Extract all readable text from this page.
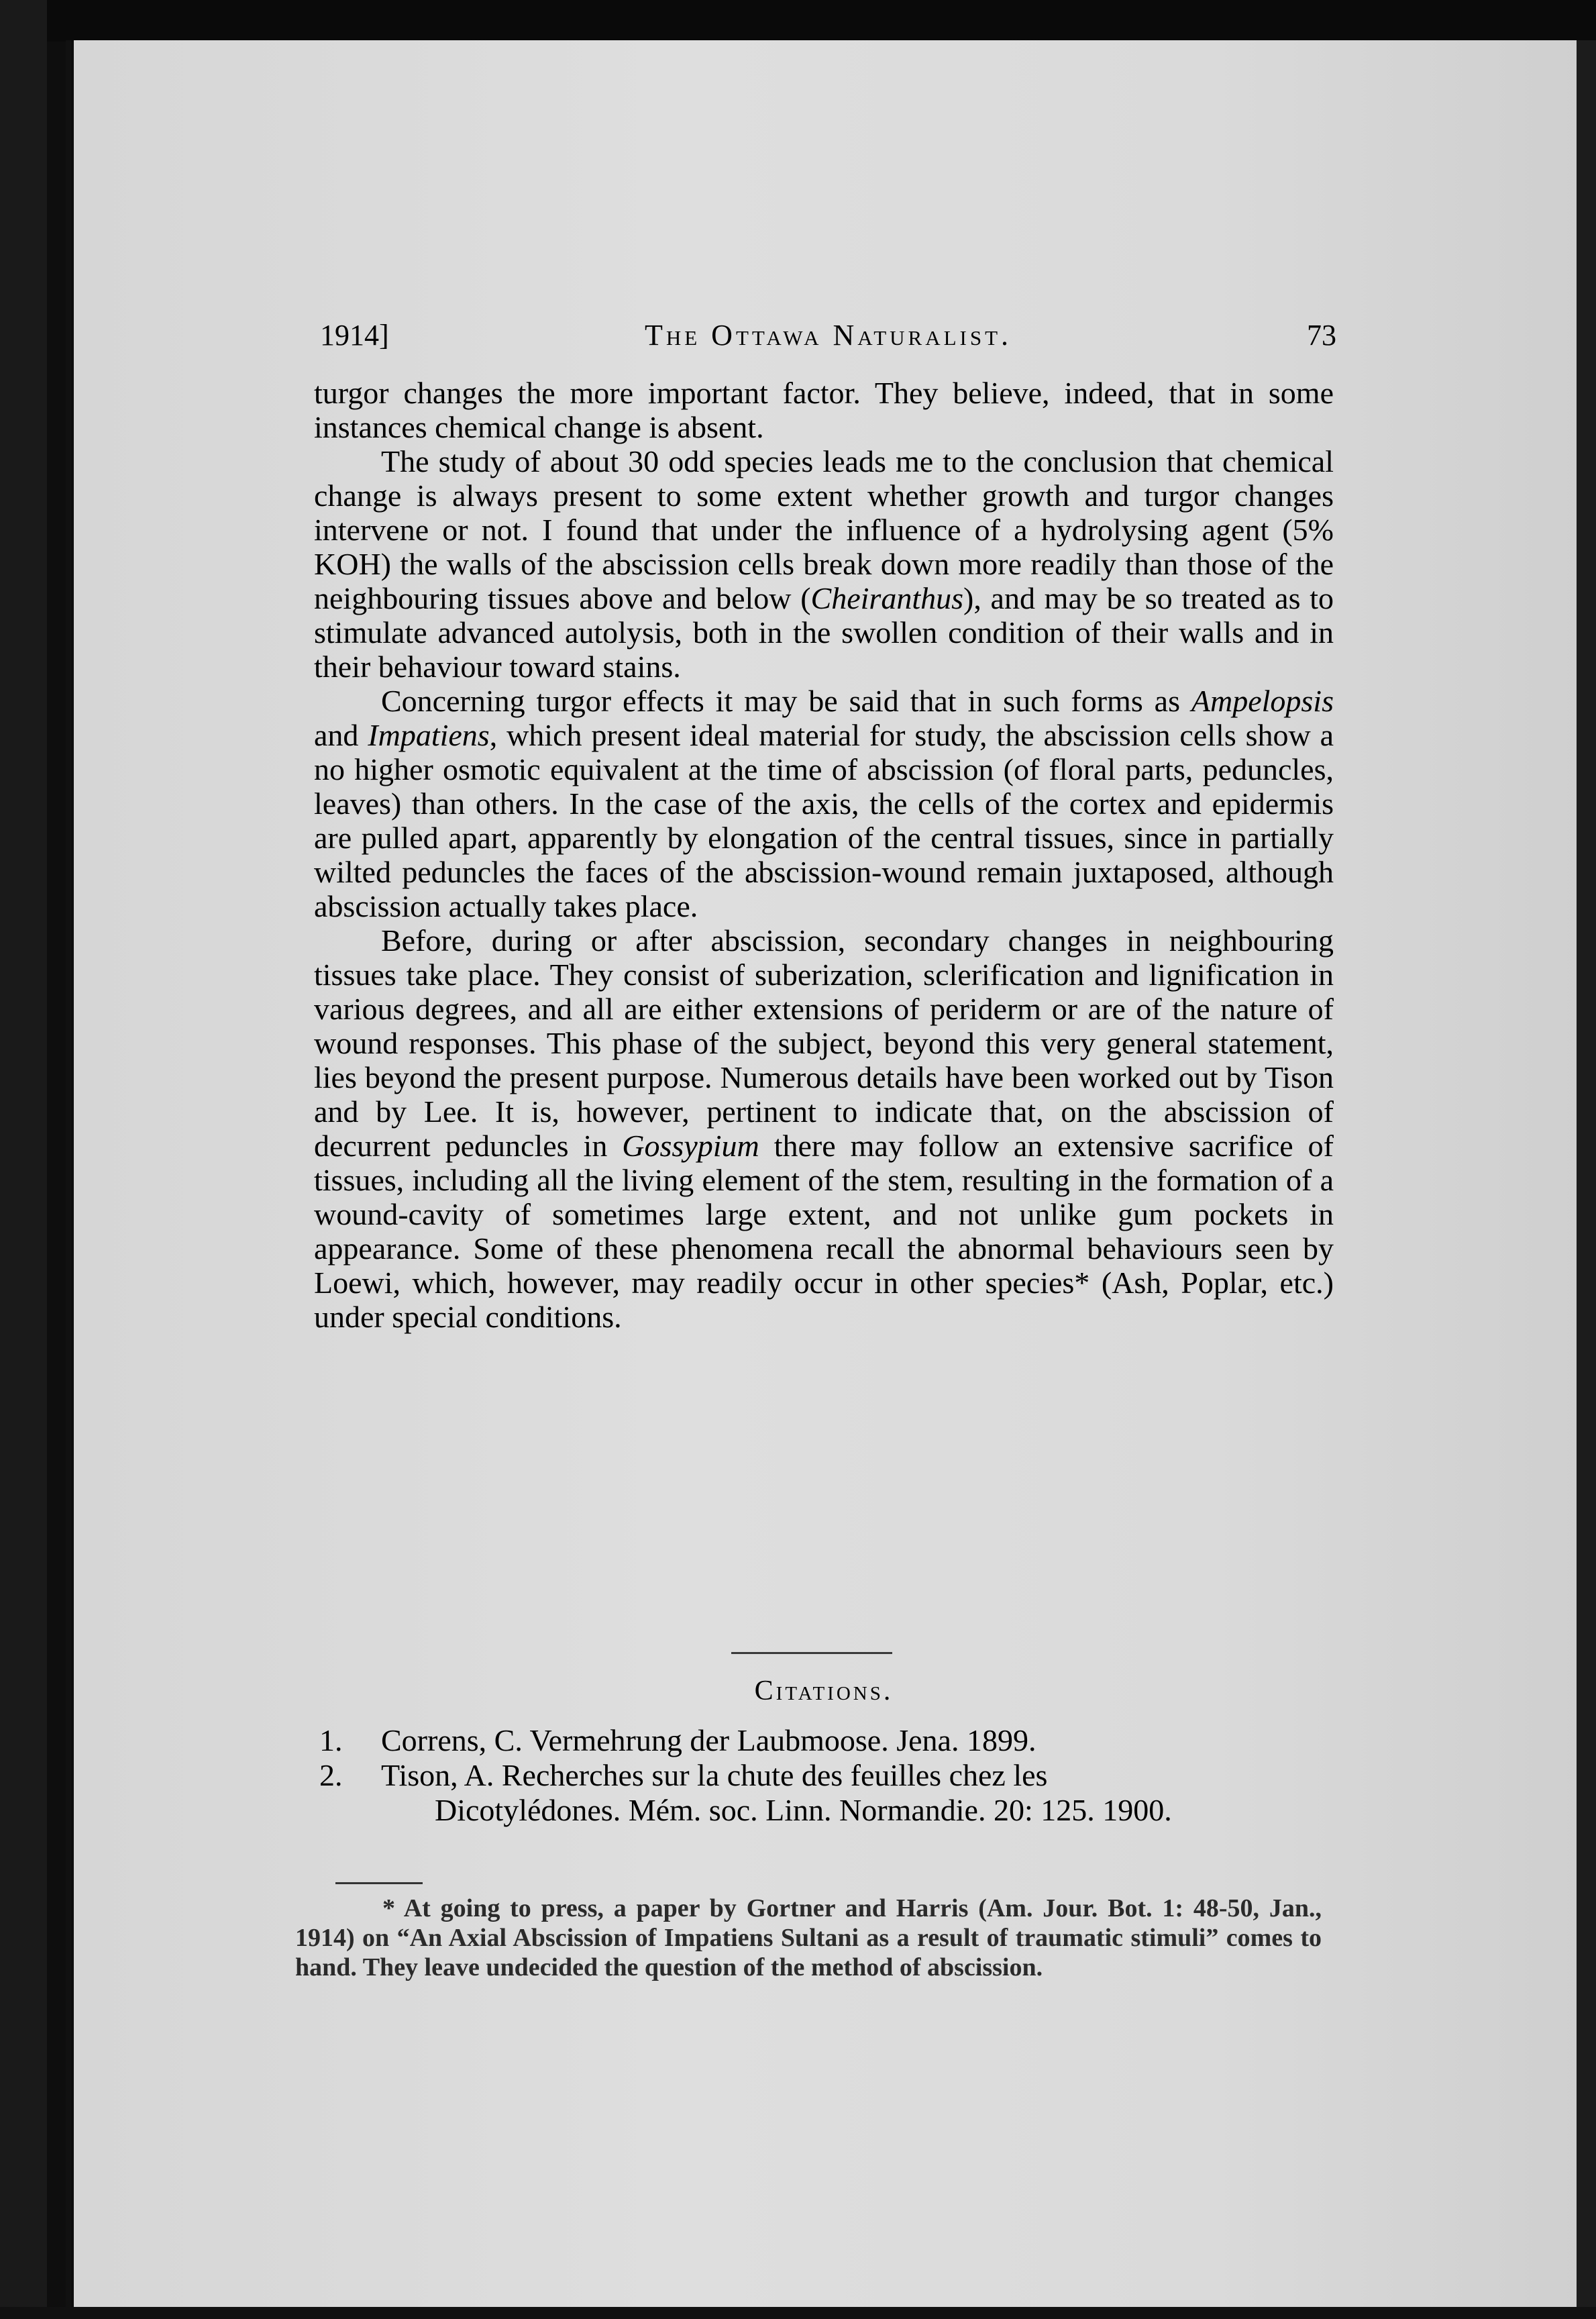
1914]	The Ottawa Naturalist.	73

turgor changes the more important factor. They believe, indeed, that in some instances chemical change is absent.

The study of about 30 odd species leads me to the conclusion that chemical change is always present to some extent whether growth and turgor changes intervene or not. I found that under the influence of a hydrolysing agent (5% KOH) the walls of the abscission cells break down more readily than those of the neighbouring tissues above and below (Cheiranthus), and may be so treated as to stimulate advanced autolysis, both in the swollen condition of their walls and in their behaviour toward stains.

Concerning turgor effects it may be said that in such forms as Ampelopsis and Impatiens, which present ideal material for study, the abscission cells show a no higher osmotic equivalent at the time of abscission (of floral parts, peduncles, leaves) than others. In the case of the axis, the cells of the cortex and epidermis are pulled apart, apparently by elongation of the central tissues, since in partially wilted peduncles the faces of the abscission-wound remain juxtaposed, although abscission actually takes place.

Before, during or after abscission, secondary changes in neighbouring tissues take place. They consist of suberization, sclerification and lignification in various degrees, and all are either extensions of periderm or are of the nature of wound responses. This phase of the subject, beyond this very general statement, lies beyond the present purpose. Numerous details have been worked out by Tison and by Lee. It is, however, pertinent to indicate that, on the abscission of decurrent peduncles in Gossypium there may follow an extensive sacrifice of tissues, including all the living element of the stem, resulting in the formation of a wound-cavity of sometimes large extent, and not unlike gum pockets in appearance. Some of these phenomena recall the abnormal behaviours seen by Loewi, which, however, may readily occur in other species* (Ash, Poplar, etc.) under special conditions.

Citations.
1. Correns, C. Vermehrung der Laubmoose. Jena. 1899.
2. Tison, A. Recherches sur la chute des feuilles chez les
Dicotylédones. Mém. soc. Linn. Normandie. 20: 125. 1900.
* At going to press, a paper by Gortner and Harris (Am. Jour. Bot. 1: 48-50, Jan., 1914) on “An Axial Abscission of Impatiens Sultani as a result of traumatic stimuli” comes to hand. They leave undecided the question of the method of abscission.
